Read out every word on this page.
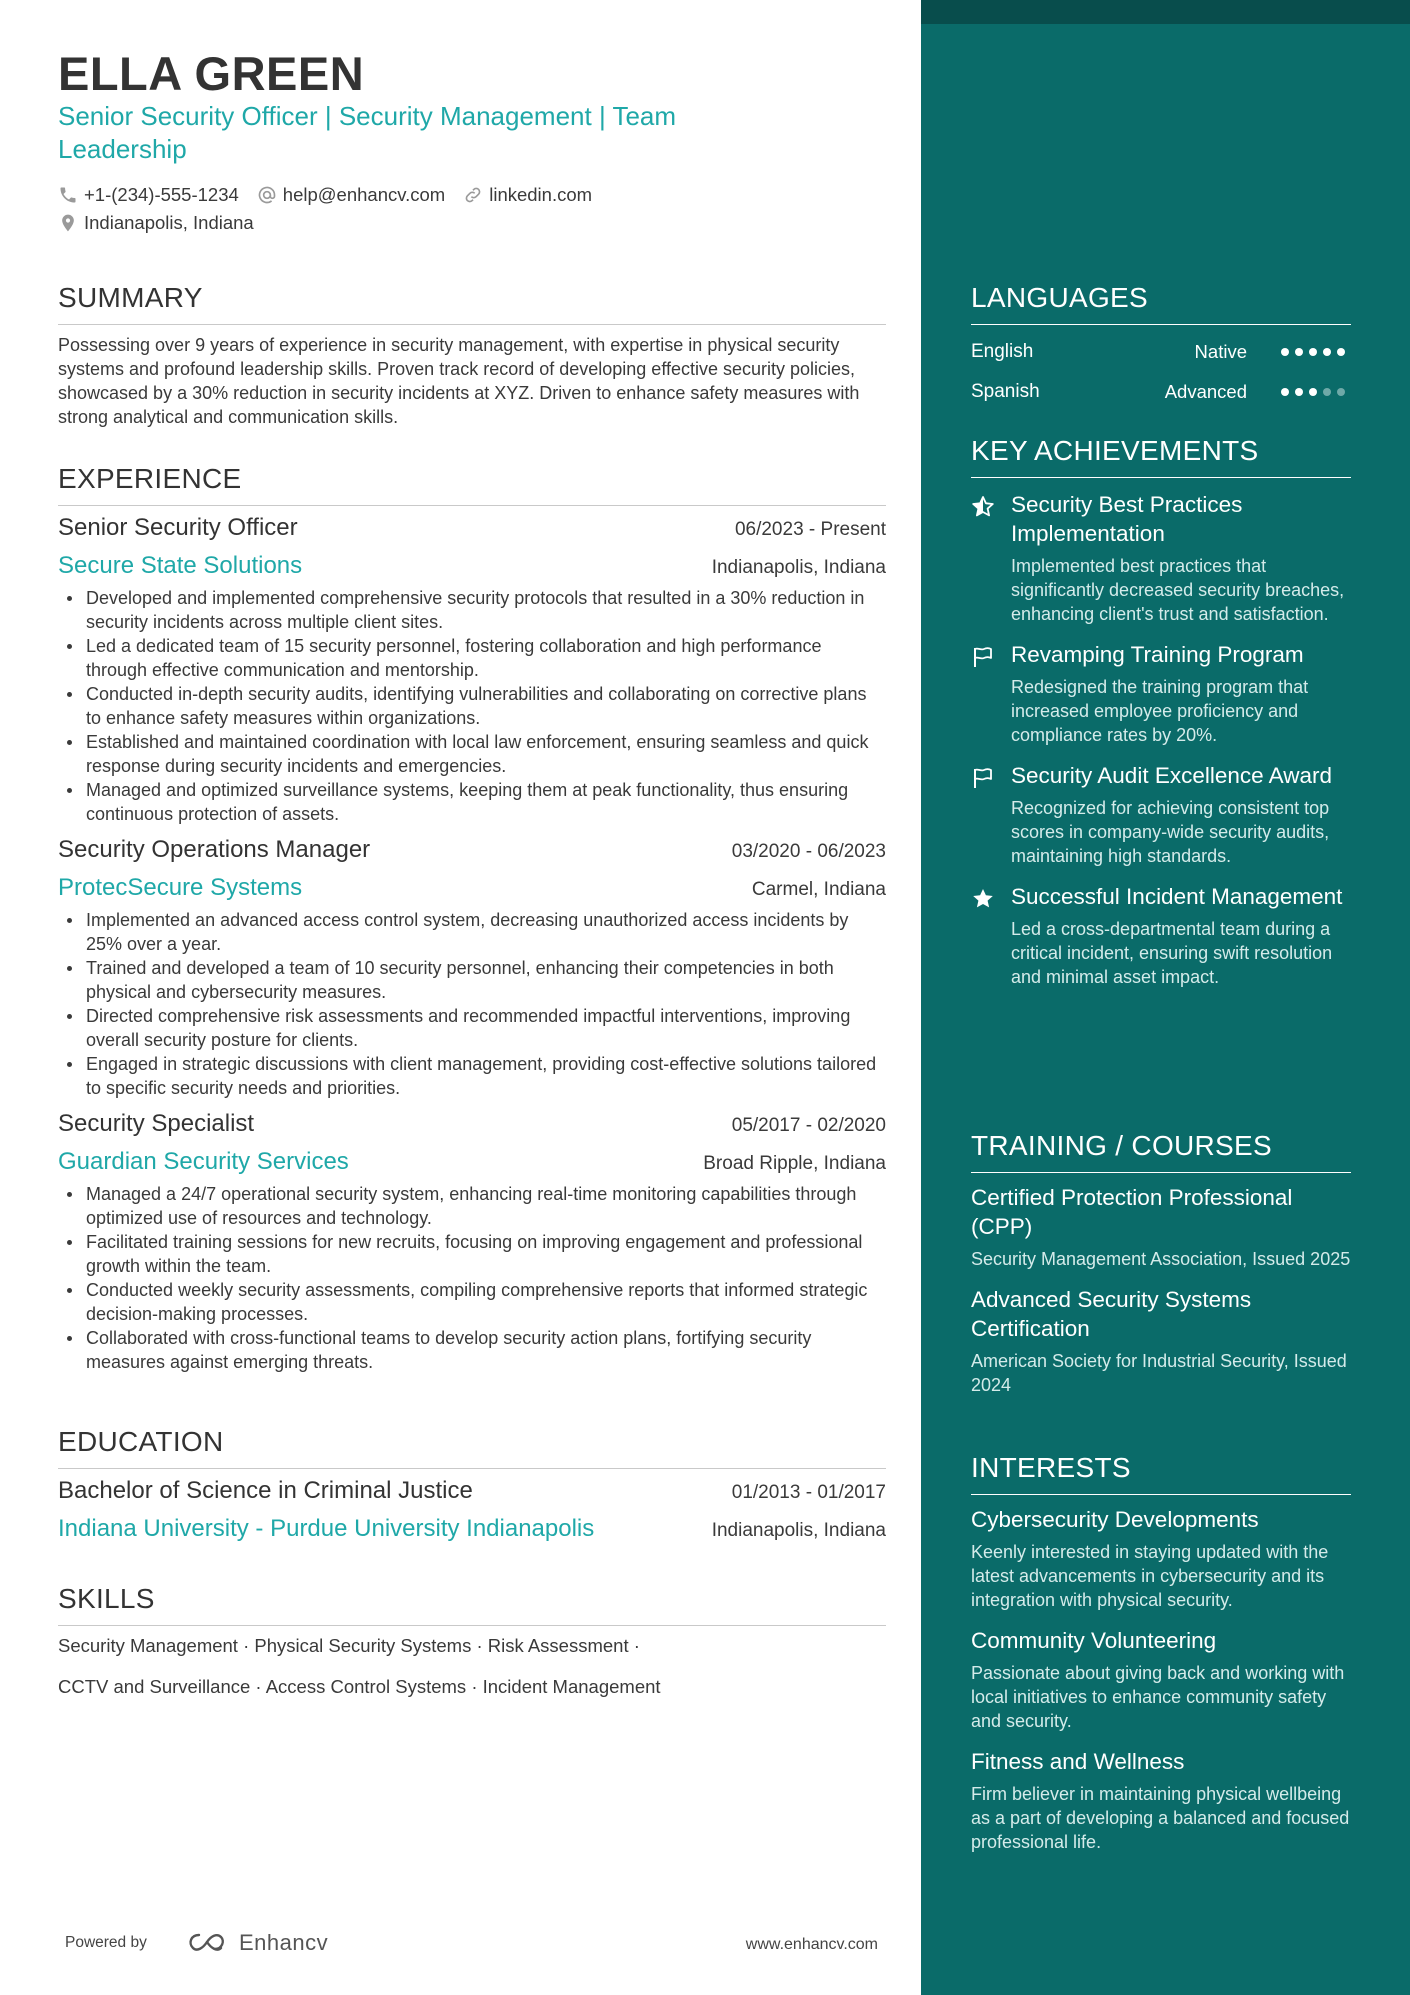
ELLA GREEN
Senior Security Officer | Security Management | Team Leadership
+1-(234)-555-1234 help@enhancv.com linkedin.com
Indianapolis, Indiana
SUMMARY
Possessing over 9 years of experience in security management, with expertise in physical security systems and profound leadership skills. Proven track record of developing effective security policies, showcased by a 30% reduction in security incidents at XYZ. Driven to enhance safety measures with strong analytical and communication skills.
EXPERIENCE
Senior Security Officer	06/2023 - Present
Secure State Solutions	Indianapolis, Indiana
Developed and implemented comprehensive security protocols that resulted in a 30% reduction in security incidents across multiple client sites.
Led a dedicated team of 15 security personnel, fostering collaboration and high performance through effective communication and mentorship.
Conducted in-depth security audits, identifying vulnerabilities and collaborating on corrective plans to enhance safety measures within organizations.
Established and maintained coordination with local law enforcement, ensuring seamless and quick response during security incidents and emergencies.
Managed and optimized surveillance systems, keeping them at peak functionality, thus ensuring continuous protection of assets.
Security Operations Manager	03/2020 - 06/2023
ProtecSecure Systems	Carmel, Indiana
Implemented an advanced access control system, decreasing unauthorized access incidents by 25% over a year.
Trained and developed a team of 10 security personnel, enhancing their competencies in both physical and cybersecurity measures.
Directed comprehensive risk assessments and recommended impactful interventions, improving overall security posture for clients.
Engaged in strategic discussions with client management, providing cost-effective solutions tailored to specific security needs and priorities.
Security Specialist	05/2017 - 02/2020
Guardian Security Services	Broad Ripple, Indiana
Managed a 24/7 operational security system, enhancing real-time monitoring capabilities through optimized use of resources and technology.
Facilitated training sessions for new recruits, focusing on improving engagement and professional growth within the team.
Conducted weekly security assessments, compiling comprehensive reports that informed strategic decision-making processes.
Collaborated with cross-functional teams to develop security action plans, fortifying security measures against emerging threats.
EDUCATION
Bachelor of Science in Criminal Justice	01/2013 - 01/2017
Indiana University - Purdue University Indianapolis	Indianapolis, Indiana
SKILLS
Security Management · Physical Security Systems · Risk Assessment ·
CCTV and Surveillance · Access Control Systems · Incident Management
Powered by	Enhancv	www.enhancv.com
LANGUAGES
English	Native
Spanish	Advanced
KEY ACHIEVEMENTS
Security Best Practices Implementation
Implemented best practices that significantly decreased security breaches, enhancing client's trust and satisfaction.
Revamping Training Program
Redesigned the training program that increased employee proficiency and compliance rates by 20%.
Security Audit Excellence Award
Recognized for achieving consistent top scores in company-wide security audits, maintaining high standards.
Successful Incident Management
Led a cross-departmental team during a critical incident, ensuring swift resolution and minimal asset impact.
TRAINING / COURSES
Certified Protection Professional (CPP)
Security Management Association, Issued 2025
Advanced Security Systems Certification
American Society for Industrial Security, Issued 2024
INTERESTS
Cybersecurity Developments
Keenly interested in staying updated with the latest advancements in cybersecurity and its integration with physical security.
Community Volunteering
Passionate about giving back and working with local initiatives to enhance community safety and security.
Fitness and Wellness
Firm believer in maintaining physical wellbeing as a part of developing a balanced and focused professional life.
